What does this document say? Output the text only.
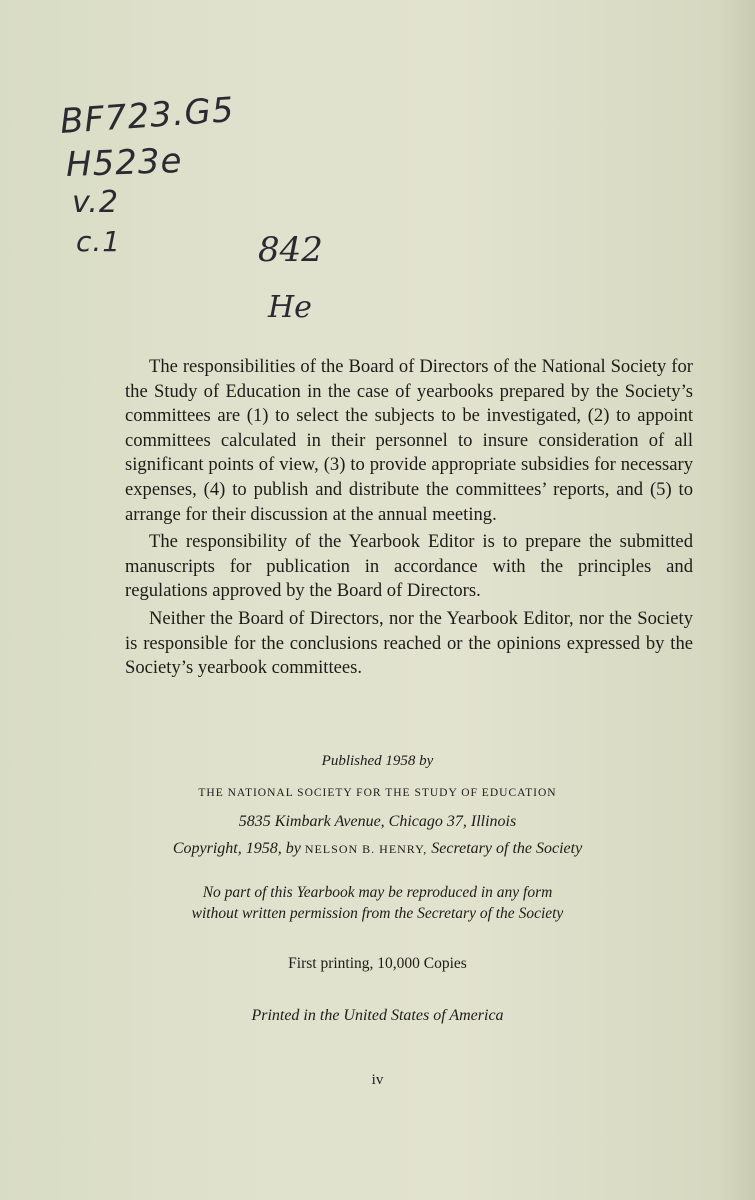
BF723.G5
H523e
v.2
c.1	842
He

The responsibilities of the Board of Directors of the National Society for the Study of Education in the case of yearbooks prepared by the Society’s committees are (1) to select the subjects to be investigated, (2) to appoint committees calculated in their personnel to insure consideration of all significant points of view, (3) to provide appropriate subsidies for necessary expenses, (4) to publish and distribute the committees’ reports, and (5) to arrange for their discussion at the annual meeting.

The responsibility of the Yearbook Editor is to prepare the submitted manuscripts for publication in accordance with the principles and regulations approved by the Board of Directors.

Neither the Board of Directors, nor the Yearbook Editor, nor the Society is responsible for the conclusions reached or the opinions expressed by the Society’s yearbook committees.

Published 1958 by
THE NATIONAL SOCIETY FOR THE STUDY OF EDUCATION
5835 Kimbark Avenue, Chicago 37, Illinois
Copyright, 1958, by NELSON B. HENRY, Secretary of the Society
No part of this Yearbook may be reproduced in any form
without written permission from the Secretary of the Society
First printing, 10,000 Copies
Printed in the United States of America
iv
